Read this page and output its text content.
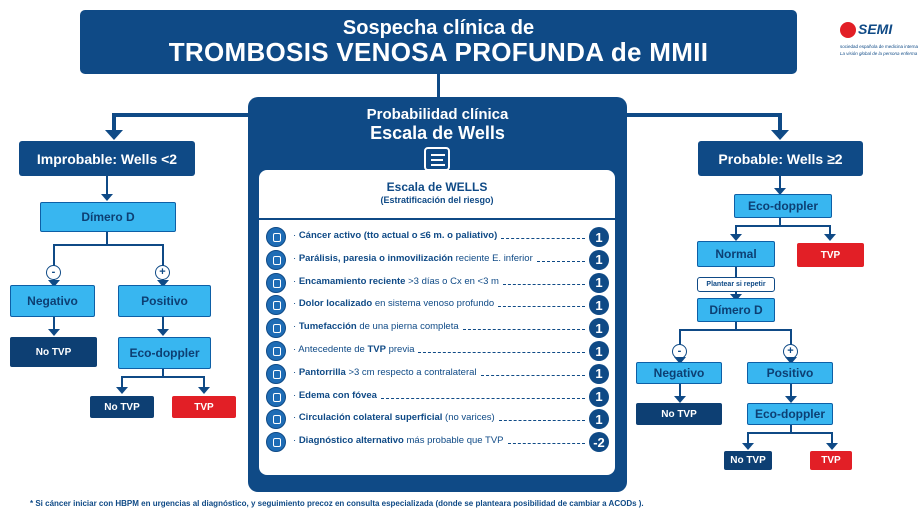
Sospecha clínica de
TROMBOSIS VENOSA PROFUNDA de MMII
SEMI
sociedad española de medicina interna
La visión global de la persona enferma
Probabilidad clínica
Escala de Wells
Escala de WELLS
(Estratificación del riesgo)
· Cáncer activo (tto actual o ≤6 m. o paliativo)	1
· Parálisis, paresia o inmovilización reciente E. inferior	1
· Encamamiento reciente >3 días o Cx en <3 m	1
· Dolor localizado en sistema venoso profundo	1
· Tumefacción de una pierna completa	1
· Antecedente de TVP previa	1
· Pantorrilla >3 cm respecto a contralateral	1
· Edema con fóvea	1
· Circulación colateral superficial (no varices)	1
· Diagnóstico alternativo más probable que TVP	-2
Improbable: Wells <2
Dímero D
-	+
Negativo	Positivo
No TVP	Eco-doppler
No TVP	TVP
Probable: Wells ≥2
Eco-doppler
Normal	TVP
Plantear si repetir
Dímero D
-	+
Negativo	Positivo
No TVP	Eco-doppler
No TVP	TVP
* Si cáncer iniciar con HBPM en urgencias al diagnóstico, y seguimiento precoz en consulta especializada (donde se planteara posibilidad de cambiar a ACODs ).
